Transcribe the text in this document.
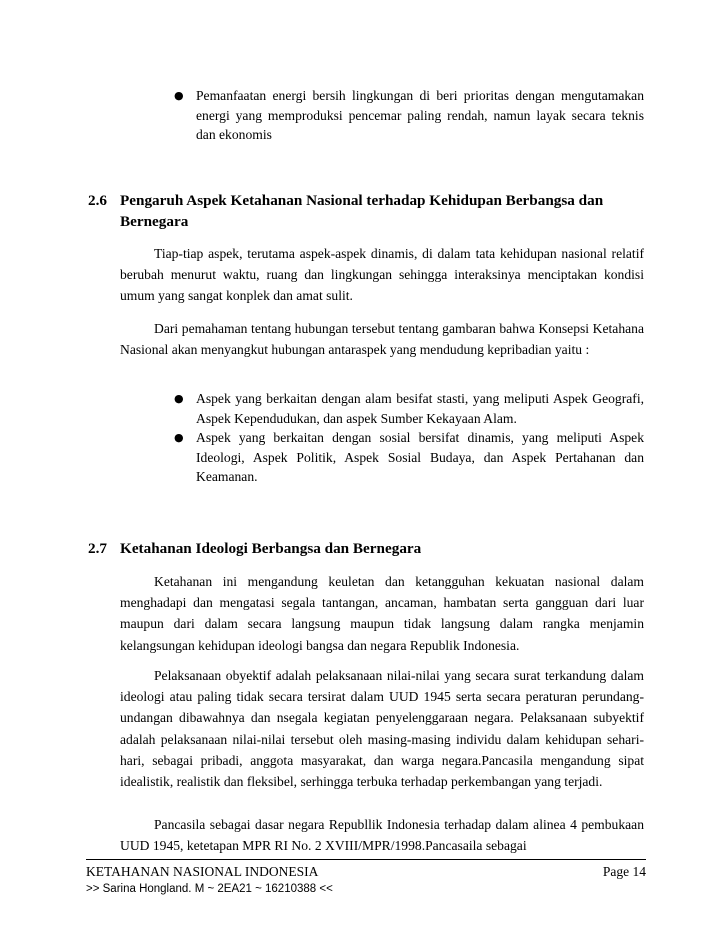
● Pemanfaatan energi bersih lingkungan di beri prioritas dengan mengutamakan energi yang memproduksi pencemar paling rendah, namun layak secara teknis dan ekonomis
2.6 Pengaruh Aspek Ketahanan Nasional terhadap Kehidupan Berbangsa dan Bernegara

Tiap-tiap aspek, terutama aspek-aspek dinamis, di dalam tata kehidupan nasional relatif berubah menurut waktu, ruang dan lingkungan sehingga interaksinya menciptakan kondisi umum yang sangat konplek dan amat sulit.

Dari pemahaman tentang hubungan tersebut tentang gambaran bahwa Konsepsi Ketahana Nasional akan menyangkut hubungan antaraspek yang mendudung kepribadian yaitu :

● Aspek yang berkaitan dengan alam besifat stasti, yang meliputi Aspek Geografi, Aspek Kependudukan, dan aspek Sumber Kekayaan Alam.
● Aspek yang berkaitan dengan sosial bersifat dinamis, yang meliputi Aspek Ideologi, Aspek Politik, Aspek Sosial Budaya, dan Aspek Pertahanan dan Keamanan.
2.7 Ketahanan Ideologi Berbangsa dan Bernegara

Ketahanan ini mengandung keuletan dan ketangguhan kekuatan nasional dalam menghadapi dan mengatasi segala tantangan, ancaman, hambatan serta gangguan dari luar maupun dari dalam secara langsung maupun tidak langsung dalam rangka menjamin kelangsungan kehidupan ideologi bangsa dan negara Republik Indonesia.

Pelaksanaan obyektif adalah pelaksanaan nilai-nilai yang secara surat terkandung dalam ideologi atau paling tidak secara tersirat dalam UUD 1945 serta secara peraturan perundang-undangan dibawahnya dan nsegala kegiatan penyelenggaraan negara. Pelaksanaan subyektif adalah pelaksanaan nilai-nilai tersebut oleh masing-masing individu dalam kehidupan sehari-hari, sebagai pribadi, anggota masyarakat, dan warga negara.Pancasila mengandung sipat idealistik, realistik dan fleksibel, serhingga terbuka terhadap perkembangan yang terjadi.

Pancasila sebagai dasar negara Republlik Indonesia terhadap dalam alinea 4 pembukaan UUD 1945, ketetapan MPR RI No. 2 XVIII/MPR/1998.Pancasaila sebagai

KETAHANAN NASIONAL INDONESIA	Page 14
>> Sarina Hongland. M ~ 2EA21 ~ 16210388 <<
